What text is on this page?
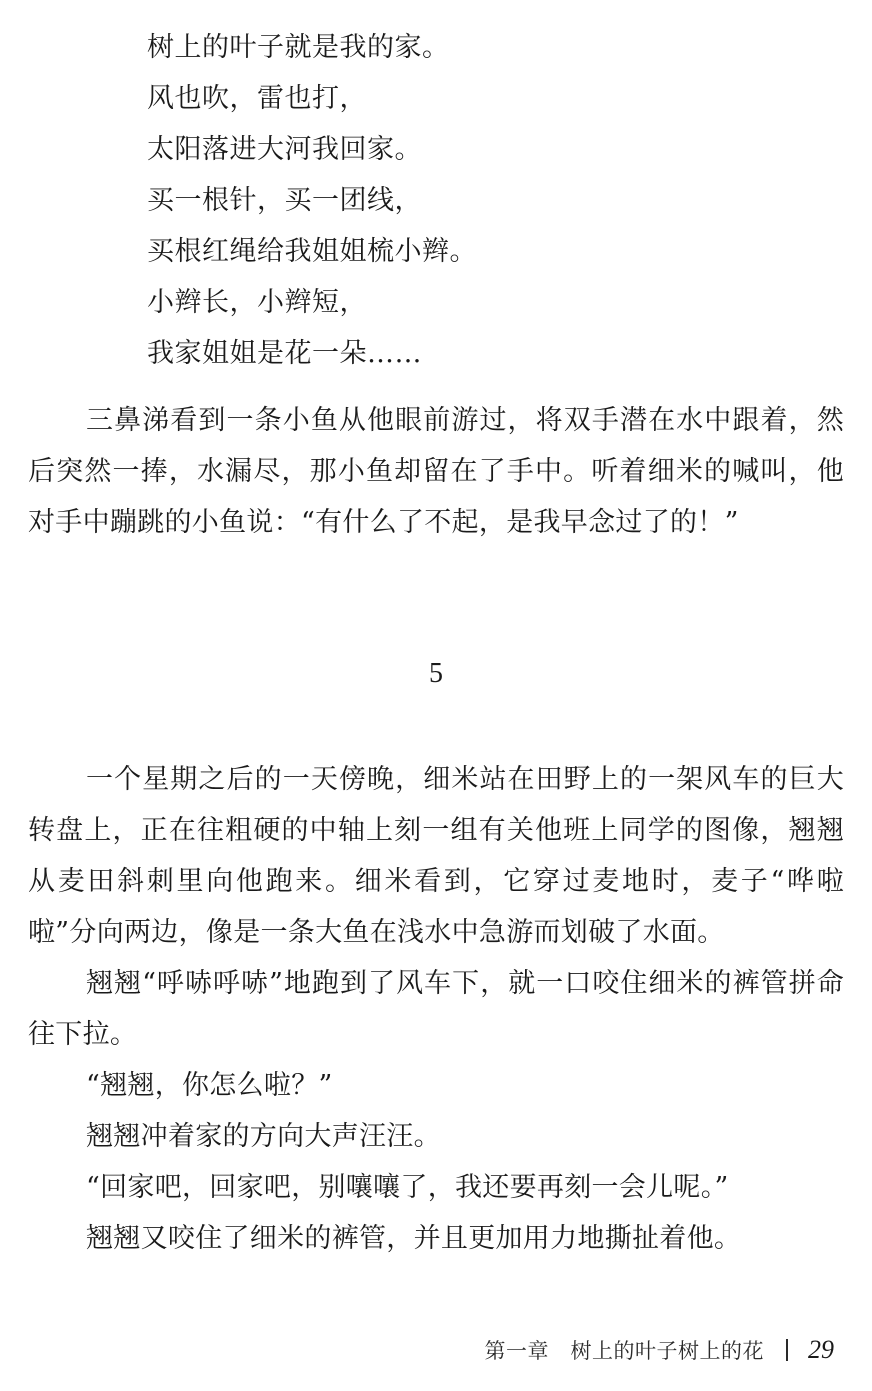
树上的叶子就是我的家。
风也吹，雷也打，
太阳落进大河我回家。
买一根针，买一团线，
买根红绳给我姐姐梳小辫。
小辫长，小辫短，
我家姐姐是花一朵……

三鼻涕看到一条小鱼从他眼前游过，将双手潜在水中跟着，然后突然一捧，水漏尽，那小鱼却留在了手中。听着细米的喊叫，他对手中蹦跳的小鱼说：“有什么了不起，是我早念过了的！”

5

一个星期之后的一天傍晚，细米站在田野上的一架风车的巨大转盘上，正在往粗硬的中轴上刻一组有关他班上同学的图像，翘翘从麦田斜刺里向他跑来。细米看到，它穿过麦地时，麦子“哗啦啦”分向两边，像是一条大鱼在浅水中急游而划破了水面。

翘翘“呼哧呼哧”地跑到了风车下，就一口咬住细米的裤管拼命往下拉。

“翘翘，你怎么啦？”

翘翘冲着家的方向大声汪汪。

“回家吧，回家吧，别嚷嚷了，我还要再刻一会儿呢。”

翘翘又咬住了细米的裤管，并且更加用力地撕扯着他。

第一章　树上的叶子树上的花 29
